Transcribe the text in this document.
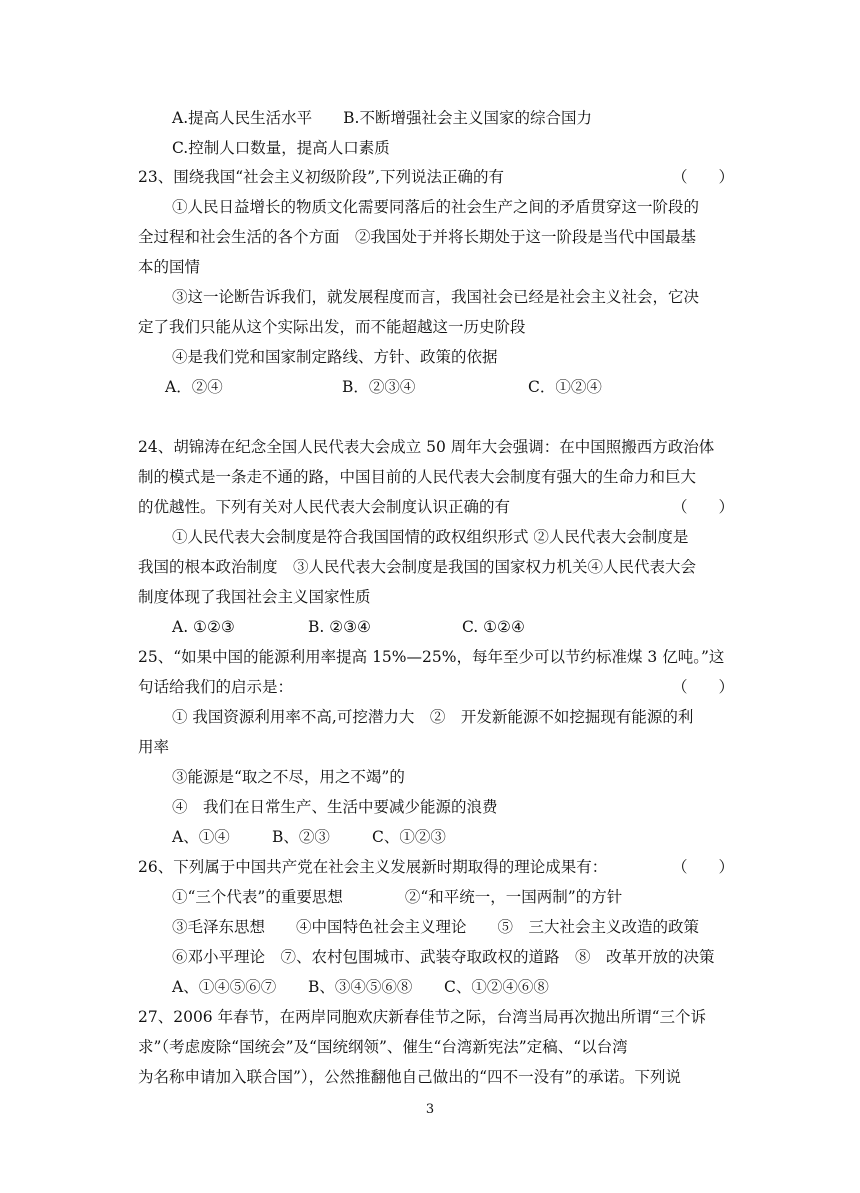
A.提高人民生活水平　　B.不断增强社会主义国家的综合国力
C.控制人口数量，提高人口素质
23、围绕我国“社会主义初级阶段”,下列说法正确的有
①人民日益增长的物质文化需要同落后的社会生产之间的矛盾贯穿这一阶段的
全过程和社会生活的各个方面　②我国处于并将长期处于这一阶段是当代中国最基
本的国情
③这一论断告诉我们，就发展程度而言，我国社会已经是社会主义社会，它决
定了我们只能从这个实际出发，而不能超越这一历史阶段
④是我们党和国家制定路线、方针、政策的依据
24、胡锦涛在纪念全国人民代表大会成立 50 周年大会强调：在中国照搬西方政治体
制的模式是一条走不通的路，中国目前的人民代表大会制度有强大的生命力和巨大
的优越性。下列有关对人民代表大会制度认识正确的有
①人民代表大会制度是符合我国国情的政权组织形式 ②人民代表大会制度是
我国的根本政治制度　③人民代表大会制度是我国的国家权力机关④人民代表大会
制度体现了我国社会主义国家性质
25、“如果中国的能源利用率提高 15%—25%，每年至少可以节约标准煤 3 亿吨。”这
句话给我们的启示是：
① 我国资源利用率不高,可挖潜力大　②　开发新能源不如挖掘现有能源的利
用率
③能源是“取之不尽，用之不竭”的
④　我们在日常生产、生活中要减少能源的浪费
26、下列属于中国共产党在社会主义发展新时期取得的理论成果有：
①“三个代表”的重要思想　　　　②“和平统一，一国两制”的方针
③毛泽东思想　　④中国特色社会主义理论　　⑤　三大社会主义改造的政策
⑥邓小平理论　⑦、农村包围城市、武装夺取政权的道路　⑧　改革开放的决策
27、2006 年春节，在两岸同胞欢庆新春佳节之际，台湾当局再次抛出所谓“三个诉
求”（考虑废除“国统会”及“国统纲领”、催生“台湾新宪法”定稿、“以台湾
为名称申请加入联合国”），公然推翻他自己做出的“四不一没有”的承诺。下列说
（　　）
（　　）
（　　）
（　　）
A．②④	B．②③④	C．①②④
A. ①②③	B. ②③④	C. ①②④
A、①④	B、②③	C、①②③
A、①④⑤⑥⑦ B、③④⑤⑥⑧ C、①②④⑥⑧
3
